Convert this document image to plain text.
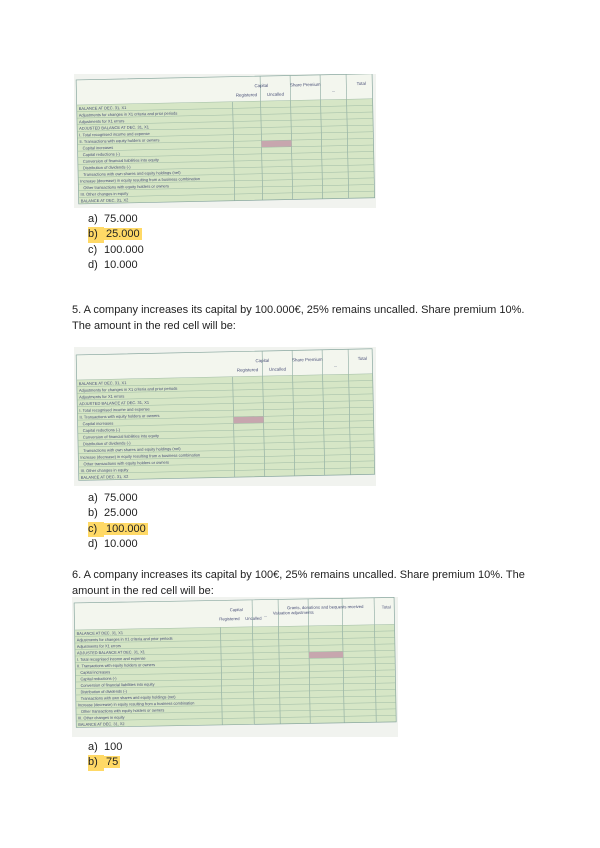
BALANCE AT DEC. 31, X1
Adjustments for changes in X1 criteria and prior periods
Adjustments for X1 errors
ADJUSTED BALANCE AT DEC. 31, X1
I. Total recognised income and expense
II. Transactions with equity holders or owners
Capital increases
Capital reductions (-)
Conversion of financial liabilities into equity
Distribution of dividends (-)
Transactions with own shares and equity holdings (net)
Increase (decrease) in equity resulting from a business combination
Other transactions with equity holders or owners
III. Other changes in equity
BALANCE AT DEC. 31, X2
Capital
Registered Uncalled
Share Premium
...
Total
a) 75.000
b) 25.000
c) 100.000
d) 10.000
5. A company increases its capital by 100.000€, 25% remains uncalled. Share premium 10%. The amount in the red cell will be:
BALANCE AT DEC. 31, X1
Adjustments for changes in X1 criteria and prior periods
Adjustments for X1 errors
ADJUSTED BALANCE AT DEC. 31, X1
I. Total recognised income and expense
II. Transactions with equity holders or owners
Capital increases
Capital reductions (-)
Conversion of financial liabilities into equity
Distribution of dividends (-)
Transactions with own shares and equity holdings (net)
Increase (decrease) in equity resulting from a business combination
Other transactions with equity holders or owners
III. Other changes in equity
BALANCE AT DEC. 31, X2
Capital
Registered Uncalled
Share Premium
...
Total
a) 75.000
b) 25.000
c) 100.000
d) 10.000
6. A company increases its capital by 100€, 25% remains uncalled. Share premium 10%. The amount in the red cell will be:
BALANCE AT DEC. 31, X1
Adjustments for changes in X1 criteria and prior periods
Adjustments for X1 errors
ADJUSTED BALANCE AT DEC. 31, X1
I. Total recognised income and expense
II. Transactions with equity holders or owners
Capital increases
Capital reductions (-)
Conversion of financial liabilities into equity
Distribution of dividends (-)
Transactions with own shares and equity holdings (net)
Increase (decrease) in equity resulting from a business combination
Other transactions with equity holders or owners
III. Other changes in equity
BALANCE AT DEC. 31, X2
Capital
Registered Uncalled
... Valuation adjustments
Grants, donations and bequests received	Total
a) 100
b) 75
